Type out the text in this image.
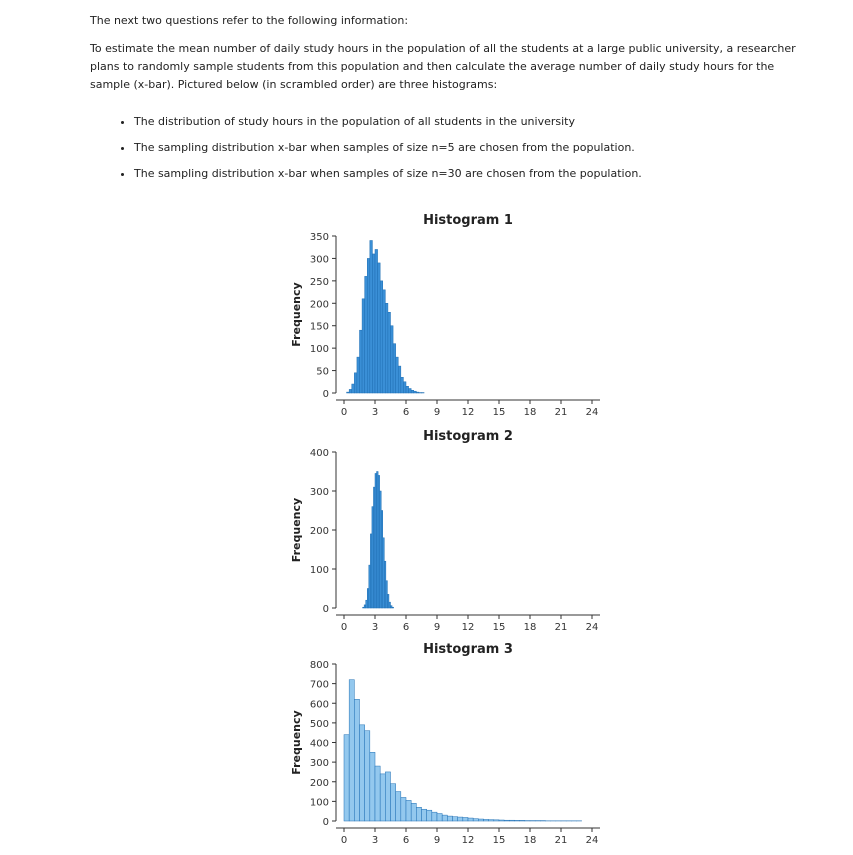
The next two questions refer to the following information:

To estimate the mean number of daily study hours in the population of all the students at a large public university, a researcher plans to randomly sample students from this population and then calculate the average number of daily study hours for the sample (x-bar). Pictured below (in scrambled order) are three histograms:

• The distribution of study hours in the population of all students in the university
• The sampling distribution x-bar when samples of size n=5 are chosen from the population.
• The sampling distribution x-bar when samples of size n=30 are chosen from the population.
Histogram 1
Frequency
0
50
100
150
200
250
300
350
0 3 6 9 12 15 18 21 24
Histogram 2
Frequency
0
100
200
300
400
0 3 6 9 12 15 18 21 24
Histogram 3
Frequency
0
100
200
300
400
500
600
700
800
0 3 6 9 12 15 18 21 24
